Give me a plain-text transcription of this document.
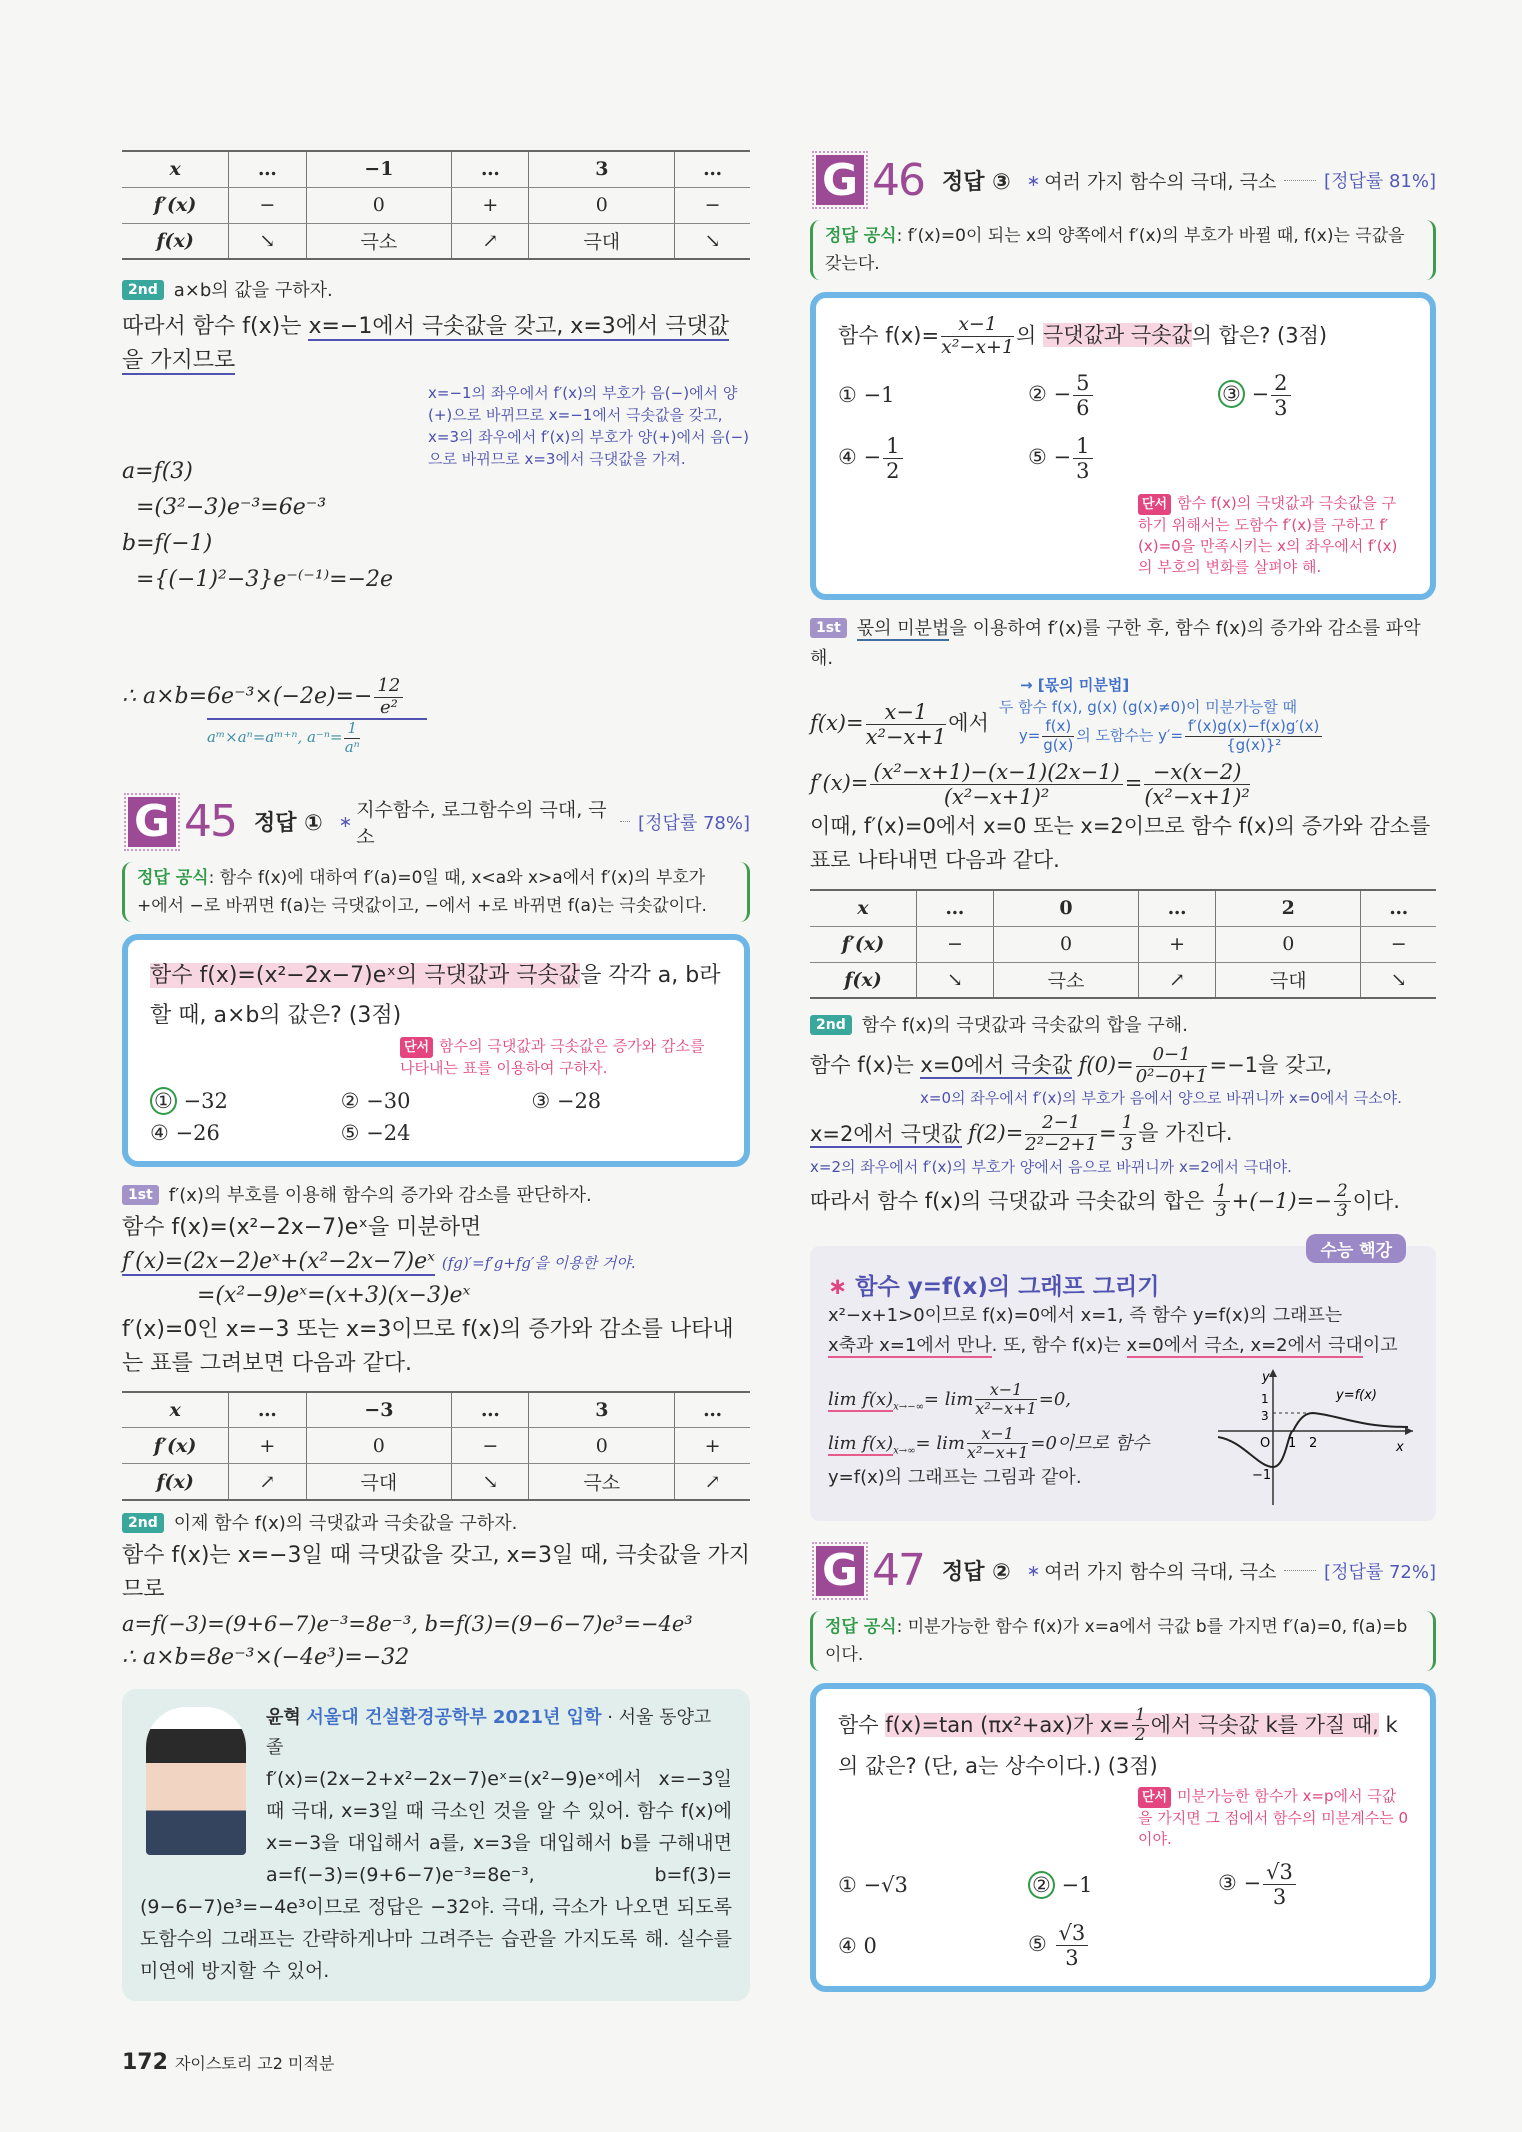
x	…	−1	…	3	…
f′(x)	−	0	+	0	−
f(x)	↘	극소	↗	극대	↘
2nd a×b의 값을 구하자.
따라서 함수 f(x)는 x=−1에서 극솟값을 갖고, x=3에서 극댓값을 가지므로

a=f(3)
=(3²−3)e⁻³=6e⁻³
b=f(−1)
={(−1)²−3}e⁻⁽⁻¹⁾=−2e

x=−1의 좌우에서 f′(x)의 부호가 음(−)에서 양(+)으로 바뀌므로 x=−1에서 극솟값을 갖고, x=3의 좌우에서 f′(x)의 부호가 양(+)에서 음(−)으로 바뀌므로 x=3에서 극댓값을 가져.
∴ $a\times b=6e^{-3}\times(-2e)=- \frac{12}{\text{e²}}$
aᵐ×aⁿ=aᵐ⁺ⁿ, $a^{-n}= \frac{1}{\text{aⁿ}}$
G 45 정답 ① ∗
지수함수, 로그함수의 극대, 극소
[정답률 78%]
정답 공식: 함수 f(x)에 대하여 f′(a)=0일 때, x<a와 x>a에서 f′(x)의 부호가 +에서 −로 바뀌면 f(a)는 극댓값이고, −에서 +로 바뀌면 f(a)는 극솟값이다.
함수 f(x)=(x²−2x−7)eˣ의 극댓값과 극솟값을 각각 a, b라 할 때, a×b의 값은? (3점)
단서 함수의 극댓값과 극솟값은 증가와 감소를 나타내는 표를 이용하여 구하자.
① −32	② −30	③ −28
④ −26	⑤ −24
1st f′(x)의 부호를 이용해 함수의 증가와 감소를 판단하자.
함수 f(x)=(x²−2x−7)eˣ을 미분하면
f′(x)=(2x−2)eˣ+(x²−2x−7)eˣ (fg)′=f′g+fg′을 이용한 거야.
=(x²−9)eˣ=(x+3)(x−3)eˣ
f′(x)=0인 x=−3 또는 x=3이므로 f(x)의 증가와 감소를 나타내는 표를 그려보면 다음과 같다.
x	…	−3	…	3	…
f′(x)	+	0	−	0	+
f(x)	↗	극대	↘	극소	↗
2nd 이제 함수 f(x)의 극댓값과 극솟값을 구하자.
함수 f(x)는 x=−3일 때 극댓값을 갖고, x=3일 때, 극솟값을 가지므로
a=f(−3)=(9+6−7)e⁻³=8e⁻³, b=f(3)=(9−6−7)e³=−4e³
∴ a×b=8e⁻³×(−4e³)=−32
윤혁 서울대 건설환경공학부 2021년 입학 · 서울 동양고 졸
f′(x)=(2x−2+x²−2x−7)eˣ=(x²−9)eˣ에서 x=−3일 때 극대, x=3일 때 극소인 것을 알 수 있어. 함수 f(x)에 x=−3을 대입해서 a를, x=3을 대입해서 b를 구해내면 a=f(−3)=(9+6−7)e⁻³=8e⁻³, b=f(3)=(9−6−7)e³=−4e³이므로 정답은 −32야. 극대, 극소가 나오면 되도록 도함수의 그래프는 간략하게나마 그려주는 습관을 가지도록 해. 실수를 미연에 방지할 수 있어.
172 자이스토리 고2 미적분
G 46 정답 ③ ∗ 여러 가지 함수의 극대, 극소	[정답률 81%]
정답 공식: f′(x)=0이 되는 x의 양쪽에서 f′(x)의 부호가 바뀔 때, f(x)는 극값을 갖는다.
함수 $f(x)= \frac{x-1}{\text{x²−x+1}}$ 의 극댓값과 극솟값의 합은? (3점)
① −1	② − $\frac{5}{6}$	③ − $\frac{2}{3}$
④ − $\frac{1}{2}$	⑤ − $\frac{1}{3}$
단서 함수 f(x)의 극댓값과 극솟값을 구하기 위해서는 도함수 f′(x)를 구하고 f′(x)=0을 만족시키는 x의 좌우에서 f′(x)의 부호의 변화를 살펴야 해.
1st 몫의 미분법을 이용하여 f′(x)를 구한 후, 함수 f(x)의 증가와 감소를 파악해.
→ [몫의 미분법]
$f(x)= \frac{x-1}{\text{x²−x+1}}$ 에서
두 함수 f(x), g(x) (g(x)≠0)이 미분가능할 때
$y= \frac{f(x)}{g(x)}$ 의 도함수는 $y'= \frac{f'(x)g(x)-f(x)g'(x)}{\text{\{g(x)\}²}}$
$f'(x)= \frac{\text{(x²−x+1)−(x−1)(2x−1)}}{\text{(x²−x+1)²}} = \frac{-x(x-2)}{\text{(x²−x+1)²}}$
이때, f′(x)=0에서 x=0 또는 x=2이므로 함수 f(x)의 증가와 감소를 표로 나타내면 다음과 같다.
x	…	0	…	2	…
f′(x)	−	0	+	0	−
f(x)	↘	극소	↗	극대	↘
2nd 함수 f(x)의 극댓값과 극솟값의 합을 구해.
함수 f(x)는 x=0에서 극솟값 $f(0)= \frac{0-1}{\text{0²−0+1}} =-1$을 갖고,
x=0의 좌우에서 f′(x)의 부호가 음에서 양으로 바뀌니까 x=0에서 극소야.
x=2에서 극댓값 $f(2)= \frac{2-1}{\text{2²−2+1}} = \frac{1}{3}$ 을 가진다.
x=2의 좌우에서 f′(x)의 부호가 양에서 음으로 바뀌니까 x=2에서 극대야.
따라서 함수 f(x)의 극댓값과 극솟값의 합은 $\frac{1}{3} +(-1)=- \frac{2}{3}$ 이다.
수능 핵강
∗ 함수 y=f(x)의 그래프 그리기
x²−x+1>0이므로 f(x)=0에서 x=1, 즉 함수 y=f(x)의 그래프는
x축과 x=1에서 만나. 또, 함수 f(x)는 x=0에서 극소, x=2에서 극대이고
$\lim f(x)_{x\to-\infty}= \lim \frac{x-1}{\text{x²−x+1}} =0$,
$\lim f(x)_{x\to\infty}= \lim \frac{x-1}{\text{x²−x+1}} =0$이므로 함수
y=f(x)의 그래프는 그림과 같아.
y
x
O 1 2
1
3
−1
y=f(x)
G 47 정답 ② ∗ 여러 가지 함수의 극대, 극소	[정답률 72%]
정답 공식: 미분가능한 함수 f(x)가 x=a에서 극값 b를 가지면 f′(a)=0, f(a)=b이다.
함수 f(x)=tan (πx²+ax)가 $x= \frac{1}{2}$ 에서 극솟값 k를 가질 때, k의 값은? (단, a는 상수이다.) (3점)
단서 미분가능한 함수가 x=p에서 극값을 가지면 그 점에서 함수의 미분계수는 0이야.
① −√3	② −1	③ − $\frac{√3}{3}$
④ 0	⑤ $\frac{√3}{3}$
